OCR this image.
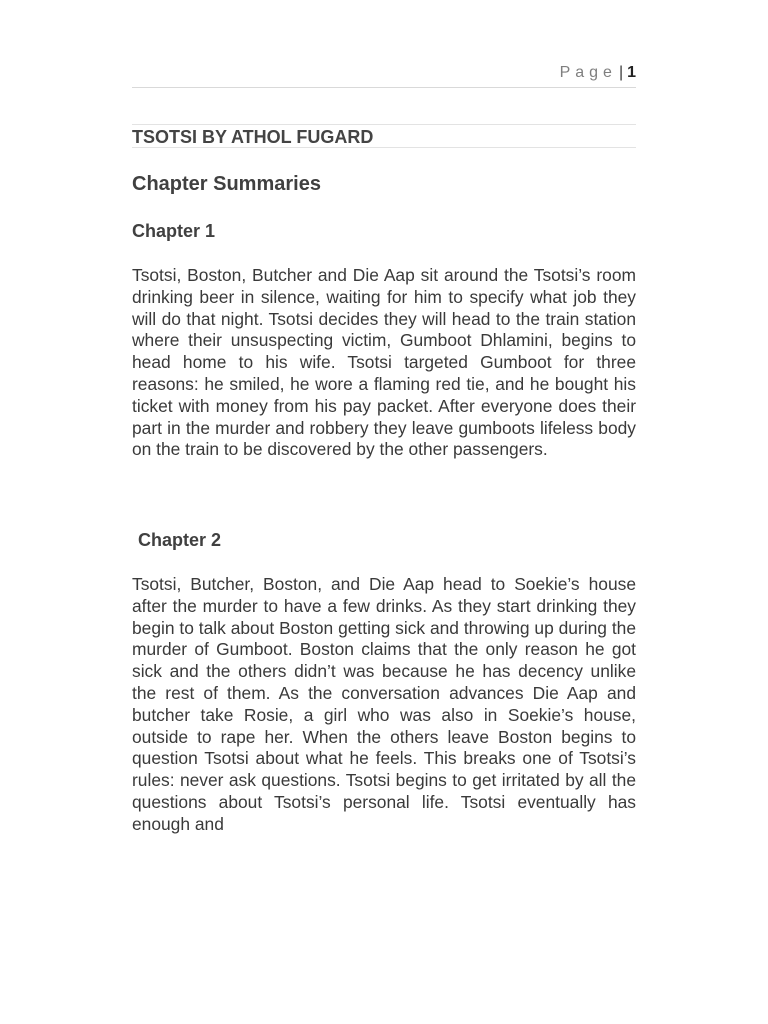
Page | 1
TSOTSI BY ATHOL FUGARD
Chapter Summaries
Chapter 1

Tsotsi, Boston, Butcher and Die Aap sit around the Tsotsi’s room drinking beer in silence, waiting for him to specify what job they will do that night. Tsotsi decides they will head to the train station where their unsuspecting victim, Gumboot Dhlamini, begins to head home to his wife. Tsotsi targeted Gumboot for three reasons: he smiled, he wore a flaming red tie, and he bought his ticket with money from his pay packet. After everyone does their part in the murder and robbery they leave gumboots lifeless body on the train to be discovered by the other passengers.

Chapter 2

Tsotsi, Butcher, Boston, and Die Aap head to Soekie’s house after the murder to have a few drinks. As they start drinking they begin to talk about Boston getting sick and throwing up during the murder of Gumboot. Boston claims that the only reason he got sick and the others didn’t was because he has decency unlike the rest of them. As the conversation advances Die Aap and butcher take Rosie, a girl who was also in Soekie’s house, outside to rape her. When the others leave Boston begins to question Tsotsi about what he feels. This breaks one of Tsotsi’s rules: never ask questions. Tsotsi begins to get irritated by all the questions about Tsotsi’s personal life. Tsotsi eventually has enough and
